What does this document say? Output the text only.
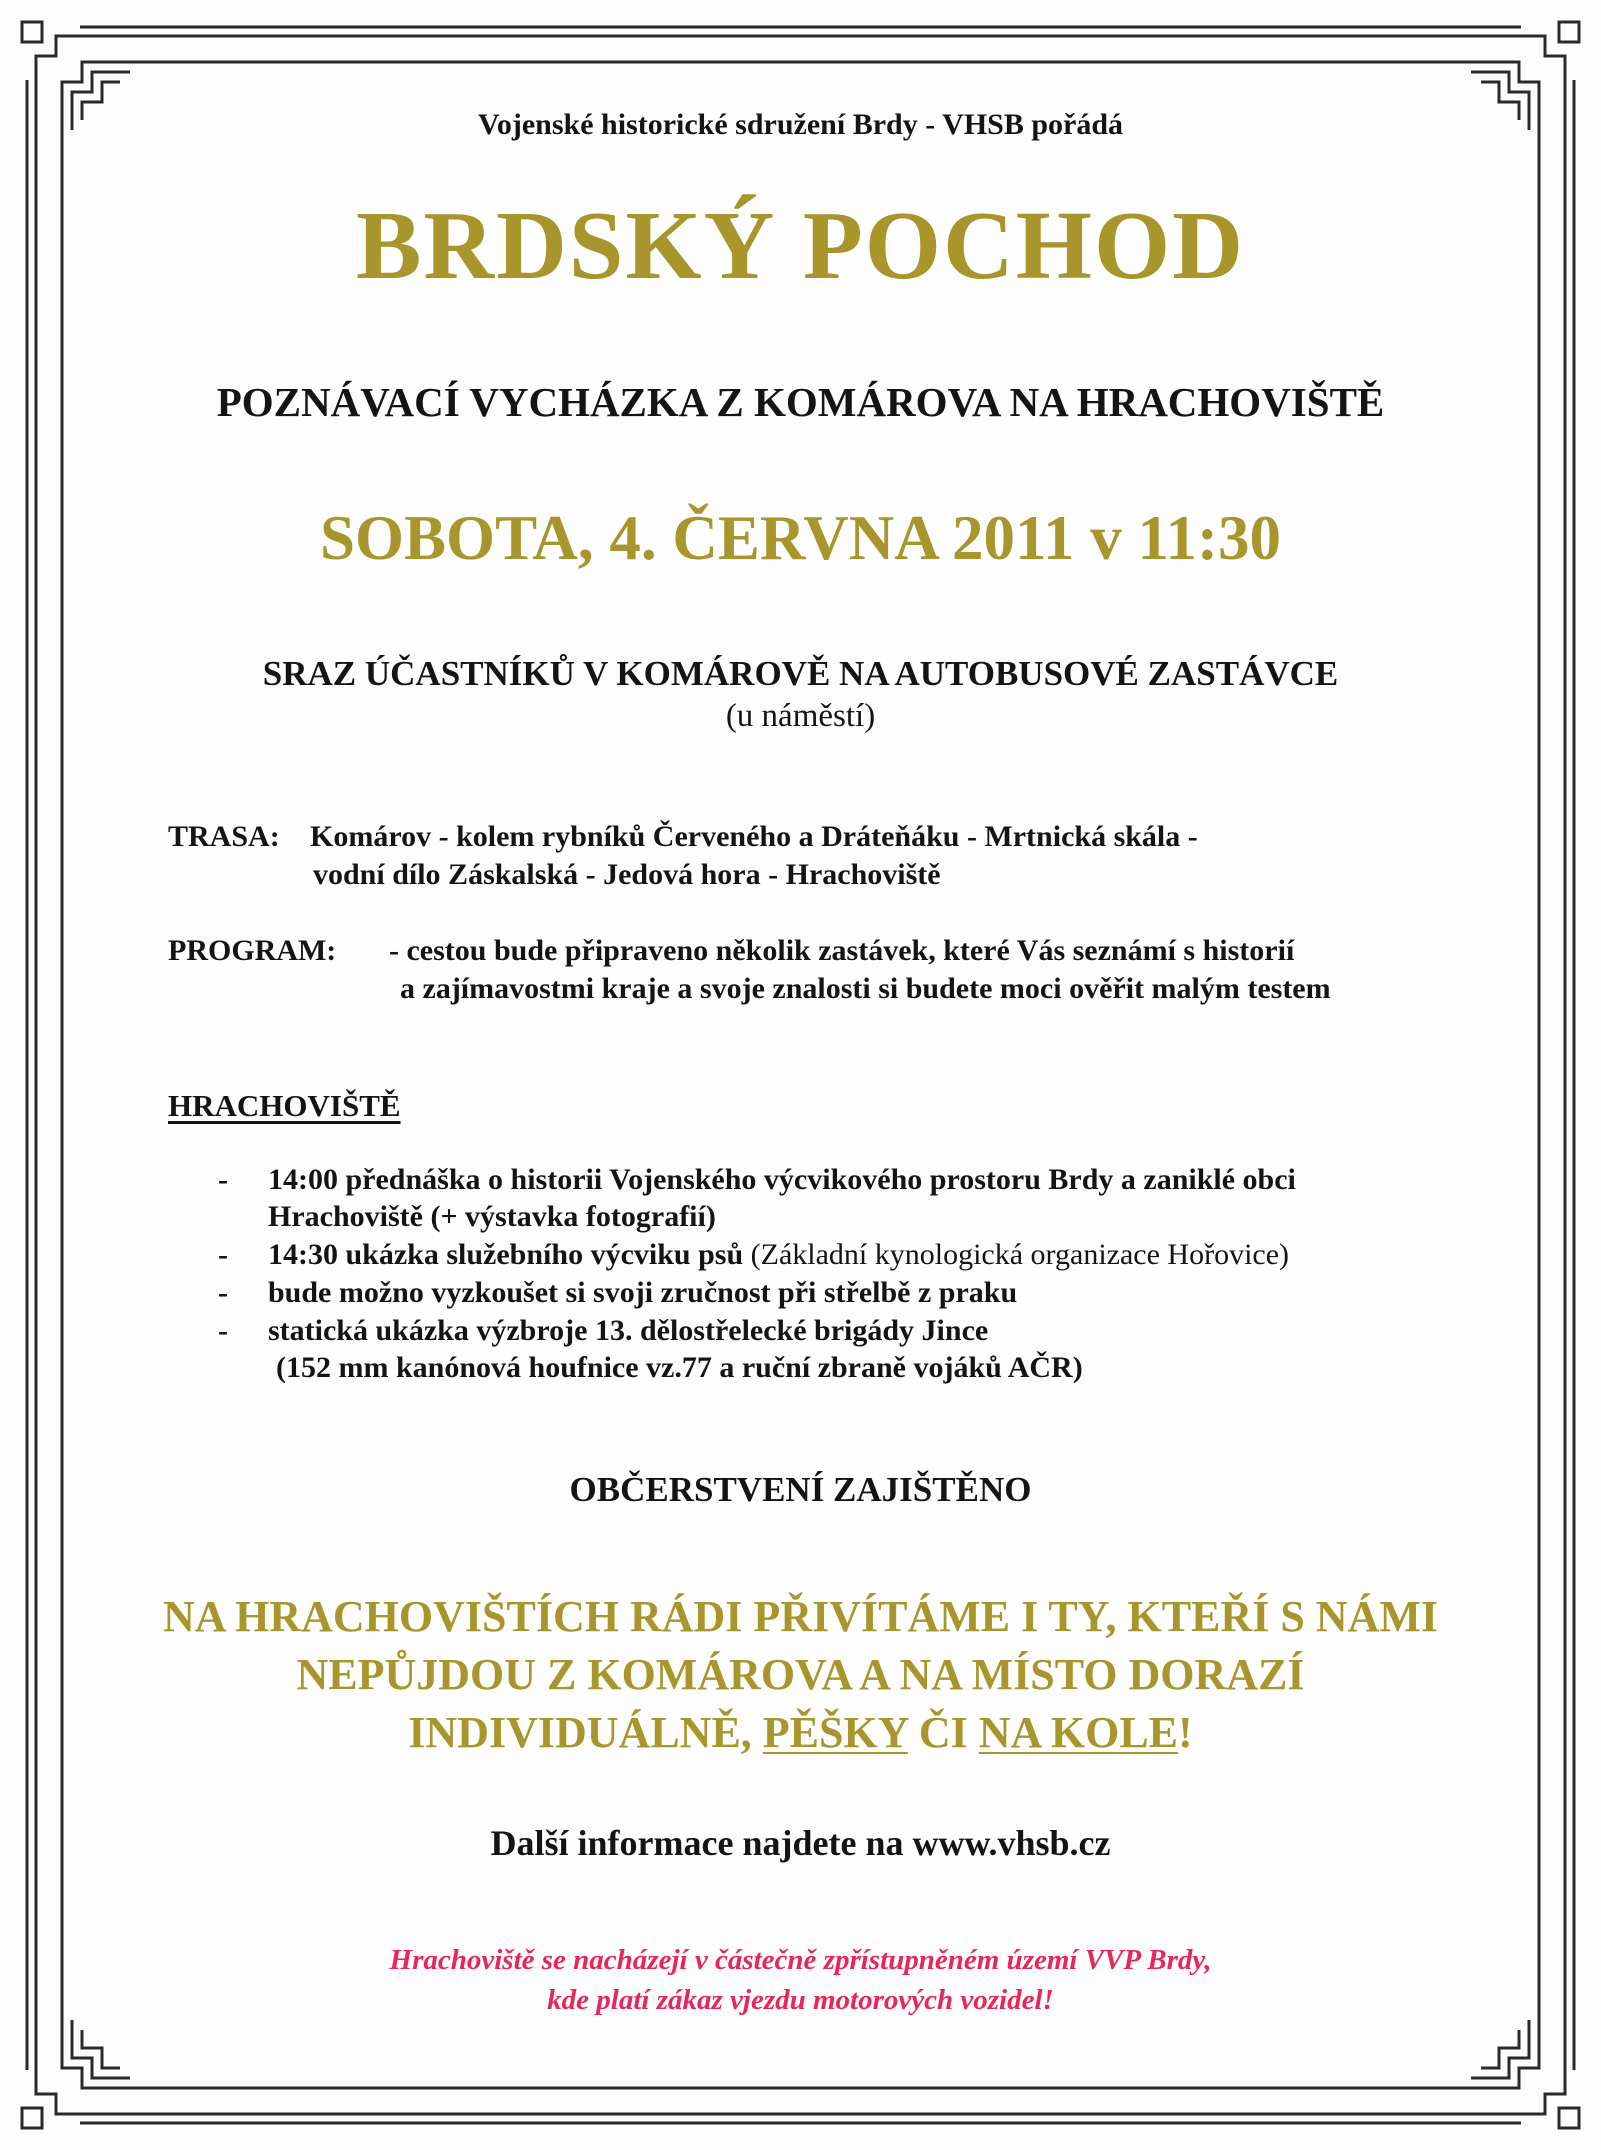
Vojenské historické sdružení Brdy - VHSB pořádá

BRDSKÝ POCHOD
POZNÁVACÍ VYCHÁZKA Z KOMÁROVA NA HRACHOVIŠTĚ
SOBOTA, 4. ČERVNA 2011 v 11:30

SRAZ ÚČASTNÍKŮ V KOMÁROVĚ NA AUTOBUSOVÉ ZASTÁVCE

(u náměstí)

TRASA: Komárov - kolem rybníků Červeného a Dráteňáku - Mrtnická skála -
vodní dílo Záskalská - Jedová hora - Hrachoviště
PROGRAM: - cestou bude připraveno několik zastávek, které Vás seznámí s historií
a zajímavostmi kraje a svoje znalosti si budete moci ověřit malým testem
HRACHOVIŠTĚ
- 14:00 přednáška o historii Vojenského výcvikového prostoru Brdy a zaniklé obci
Hrachoviště (+ výstavka fotografií)
- 14:30 ukázka služebního výcviku psů (Základní kynologická organizace Hořovice)
- bude možno vyzkoušet si svoji zručnost při střelbě z praku
- statická ukázka výzbroje 13. dělostřelecké brigády Jince
(152 mm kanónová houfnice vz.77 a ruční zbraně vojáků AČR)

OBČERSTVENÍ ZAJIŠTĚNO

NA HRACHOVIŠTÍCH RÁDI PŘIVÍTÁME I TY, KTEŘÍ S NÁMI
NEPŮJDOU Z KOMÁROVA A NA MÍSTO DORAZÍ
INDIVIDUÁLNĚ, PĚŠKY ČI NA KOLE!

Další informace najdete na www.vhsb.cz

Hrachoviště se nacházejí v částečně zpřístupněném území VVP Brdy,
kde platí zákaz vjezdu motorových vozidel!
